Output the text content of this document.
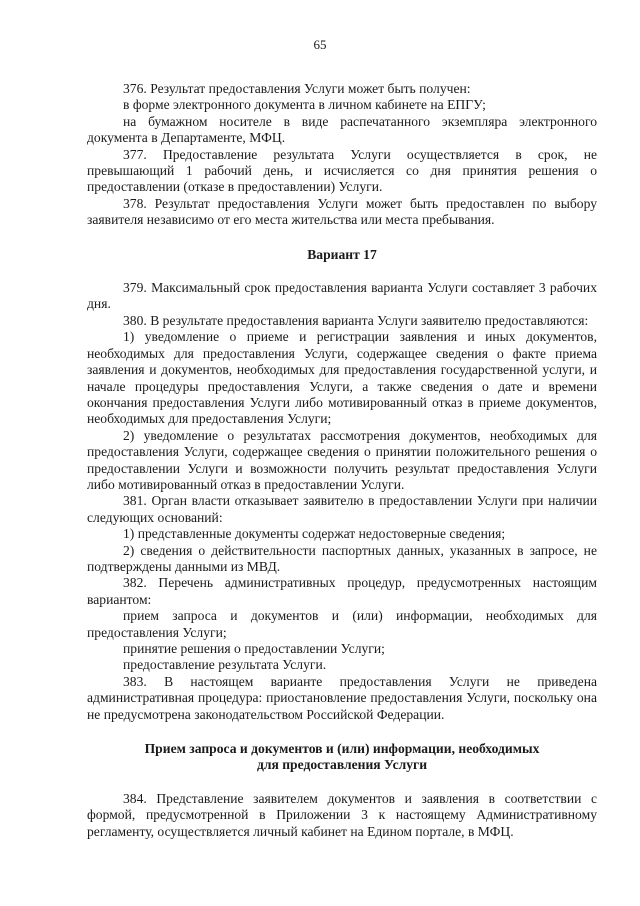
65

376. Результат предоставления Услуги может быть получен:

в форме электронного документа в личном кабинете на ЕПГУ;

на бумажном носителе в виде распечатанного экземпляра электронного документа в Департаменте, МФЦ.

377. Предоставление результата Услуги осуществляется в срок, не превышающий 1 рабочий день, и исчисляется со дня принятия решения о предоставлении (отказе в предоставлении) Услуги.

378. Результат предоставления Услуги может быть предоставлен по выбору заявителя независимо от его места жительства или места пребывания.

Вариант 17

379. Максимальный срок предоставления варианта Услуги составляет 3 рабочих дня.

380. В результате предоставления варианта Услуги заявителю предоставляются:

1) уведомление о приеме и регистрации заявления и иных документов, необходимых для предоставления Услуги, содержащее сведения о факте приема заявления и документов, необходимых для предоставления государственной услуги, и начале процедуры предоставления Услуги, а также сведения о дате и времени окончания предоставления Услуги либо мотивированный отказ в приеме документов, необходимых для предоставления Услуги;

2) уведомление о результатах рассмотрения документов, необходимых для предоставления Услуги, содержащее сведения о принятии положительного решения о предоставлении Услуги и возможности получить результат предоставления Услуги либо мотивированный отказ в предоставлении Услуги.

381. Орган власти отказывает заявителю в предоставлении Услуги при наличии следующих оснований:

1) представленные документы содержат недостоверные сведения;

2) сведения о действительности паспортных данных, указанных в запросе, не подтверждены данными из МВД.

382. Перечень административных процедур, предусмотренных настоящим вариантом:

прием запроса и документов и (или) информации, необходимых для предоставления Услуги;

принятие решения о предоставлении Услуги;

предоставление результата Услуги.

383. В настоящем варианте предоставления Услуги не приведена административная процедура: приостановление предоставления Услуги, поскольку она не предусмотрена законодательством Российской Федерации.

Прием запроса и документов и (или) информации, необходимых
для предоставления Услуги

384. Представление заявителем документов и заявления в соответствии с формой, предусмотренной в Приложении 3 к настоящему Административному регламенту, осуществляется личный кабинет на Едином портале, в МФЦ.
